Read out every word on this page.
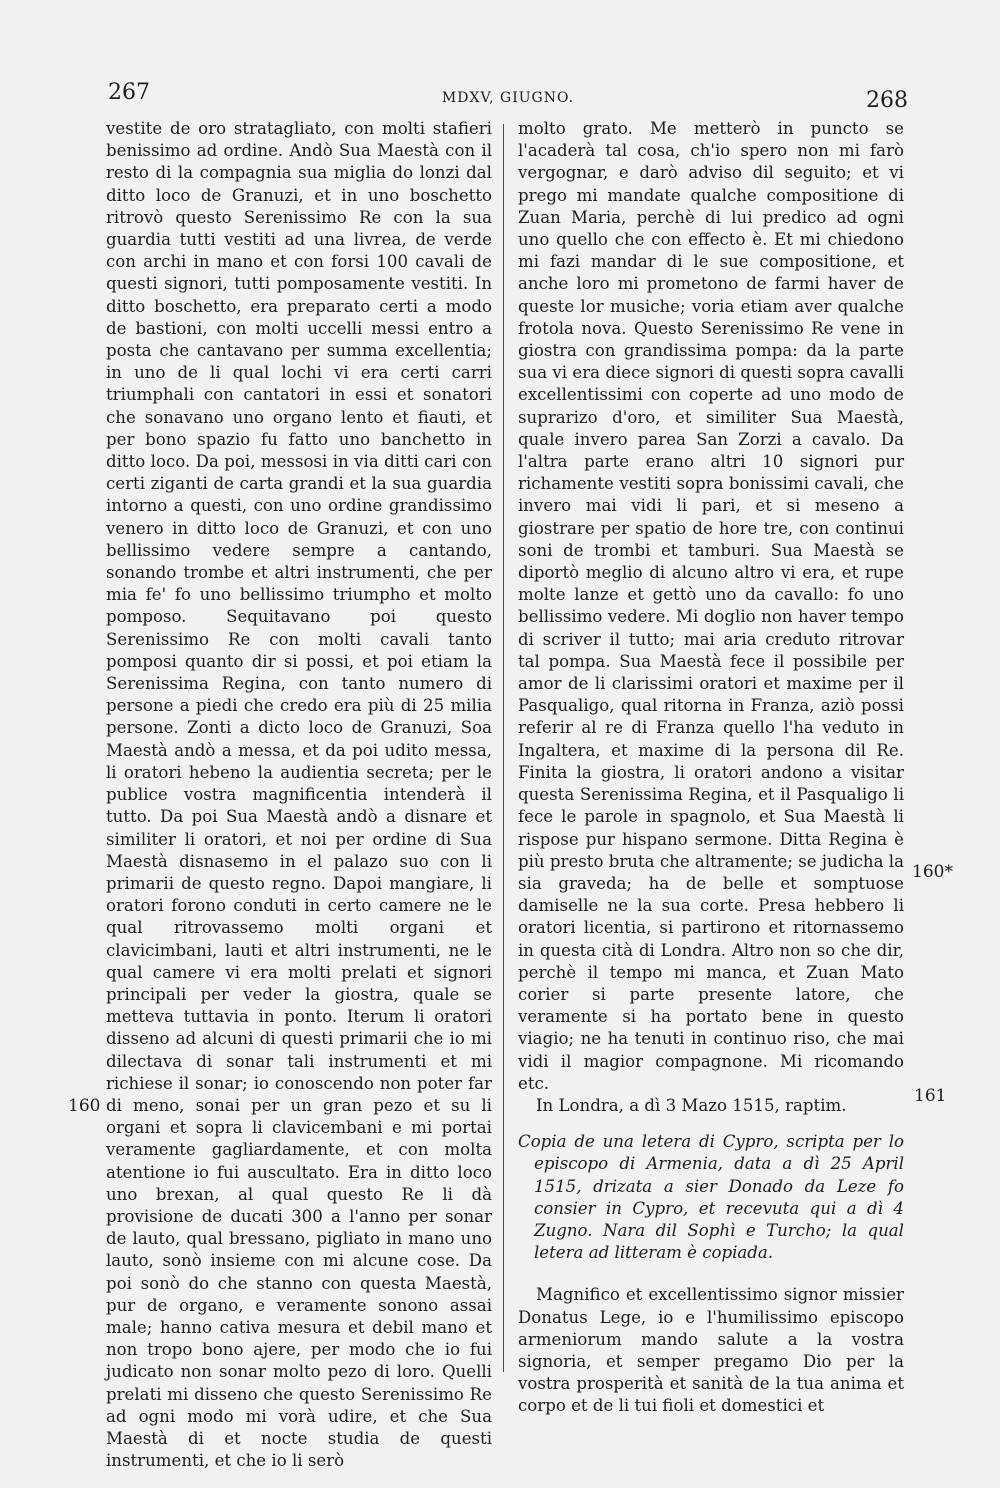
267	MDXV, GIUGNO.	268

vestite de oro stratagliato, con molti stafieri benissimo ad ordine. Andò Sua Maestà con il resto di la compagnia sua miglia do lonzi dal ditto loco de Granuzi, et in uno boschetto ritrovò questo Serenissimo Re con la sua guardia tutti vestiti ad una livrea, de verde con archi in mano et con forsi 100 cavali de questi signori, tutti pomposamente vestiti. In ditto boschetto, era preparato certi a modo de bastioni, con molti uccelli messi entro a posta che cantavano per summa excellentia; in uno de li qual lochi vi era certi carri triumphali con cantatori in essi et sonatori che sonavano uno organo lento et fiauti, et per bono spazio fu fatto uno banchetto in ditto loco. Da poi, messosi in via ditti cari con certi ziganti de carta grandi et la sua guardia intorno a questi, con uno ordine grandissimo venero in ditto loco de Granuzi, et con uno bellissimo vedere sempre a cantando, sonando trombe et altri instrumenti, che per mia fe' fo uno bellissimo triumpho et molto pomposo. Sequitavano poi questo Serenissimo Re con molti cavali tanto pomposi quanto dir si possi, et poi etiam la Serenissima Regina, con tanto numero di persone a piedi che credo era più di 25 milia persone. Zonti a dicto loco de Granuzi, Soa Maestà andò a messa, et da poi udito messa, li oratori hebeno la audientia secreta; per le publice vostra magnificentia intenderà il tutto. Da poi Sua Maestà andò a disnare et similiter li oratori, et noi per ordine di Sua Maestà disnasemo in el palazo suo con li primarii de questo regno. Dapoi mangiare, li oratori forono conduti in certo camere ne le qual ritrovassemo molti organi et clavicimbani, lauti et altri instrumenti, ne le qual camere vi era molti prelati et signori principali per veder la giostra, quale se metteva tuttavia in ponto. Iterum li oratori disseno ad alcuni di questi primarii che io mi dilectava di sonar tali instrumenti et mi richiese il sonar; io conoscendo non poter far di meno, sonai per un gran pezo et su li organi et sopra li clavicembani e mi portai veramente gagliardamente, et con molta atentione io fui auscultato. Era in ditto loco uno brexan, al qual questo Re li dà provisione de ducati 300 a l'anno per sonar de lauto, qual bressano, pigliato in mano uno lauto, sonò insieme con mi alcune cose. Da poi sonò do che stanno con questa Maestà, pur de organo, e veramente sonono assai male; hanno cativa mesura et debil mano et non tropo bono ajere, per modo che io fui judicato non sonar molto pezo di loro. Quelli prelati mi disseno che questo Serenissimo Re ad ogni modo mi vorà udire, et che Sua Maestà di et nocte studia de questi instrumenti, et che io li serò

molto grato. Me metterò in puncto se l'acaderà tal cosa, ch'io spero non mi farò vergognar, e darò adviso dil seguito; et vi prego mi mandate qualche compositione di Zuan Maria, perchè di lui predico ad ogni uno quello che con effecto è. Et mi chiedono mi fazi mandar di le sue compositione, et anche loro mi prometono de farmi haver de queste lor musiche; voria etiam aver qualche frotola nova. Questo Serenissimo Re vene in giostra con grandissima pompa: da la parte sua vi era diece signori di questi sopra cavalli excellentissimi con coperte ad uno modo de suprarizo d'oro, et similiter Sua Maestà, quale invero parea San Zorzi a cavalo. Da l'altra parte erano altri 10 signori pur richamente vestiti sopra bonissimi cavali, che invero mai vidi li pari, et si meseno a giostrare per spatio de hore tre, con continui soni de trombi et tamburi. Sua Maestà se diportò meglio di alcuno altro vi era, et rupe molte lanze et gettò uno da cavallo: fo uno bellissimo vedere. Mi doglio non haver tempo di scriver il tutto; mai aria creduto ritrovar tal pompa. Sua Maestà fece il possibile per amor de li clarissimi oratori et maxime per il Pasqualigo, qual ritorna in Franza, aziò possi referir al re di Franza quello l'ha veduto in Ingaltera, et maxime di la persona dil Re. Finita la giostra, li oratori andono a visitar questa Serenissima Regina, et il Pasqualigo li fece le parole in spagnolo, et Sua Maestà li rispose pur hispano sermone. Ditta Regina è più presto bruta che altramente; se judicha la sia graveda; ha de belle et somptuose damiselle ne la sua corte. Presa hebbero li oratori licentia, si partirono et ritornassemo in questa cità di Londra. Altro non so che dir, perchè il tempo mi manca, et Zuan Mato corier si parte presente latore, che veramente si ha portato bene in questo viagio; ne ha tenuti in continuo riso, che mai vidi il magior compagnone. Mi ricomando etc.

In Londra, a dì 3 Mazo 1515, raptim.

Copia de una letera di Cypro, scripta per lo episcopo di Armenia, data a dì 25 April 1515, drizata a sier Donado da Leze fo consier in Cypro, et recevuta qui a dì 4 Zugno. Nara dil Sophì e Turcho; la qual letera ad litteram è copiada.

Magnifico et excellentissimo signor missier Donatus Lege, io e l'humilissimo episcopo armeniorum mando salute a la vostra signoria, et semper pregamo Dio per la vostra prosperità et sanità de la tua anima et corpo et de li tui fioli et domestici et

160
160*
161
